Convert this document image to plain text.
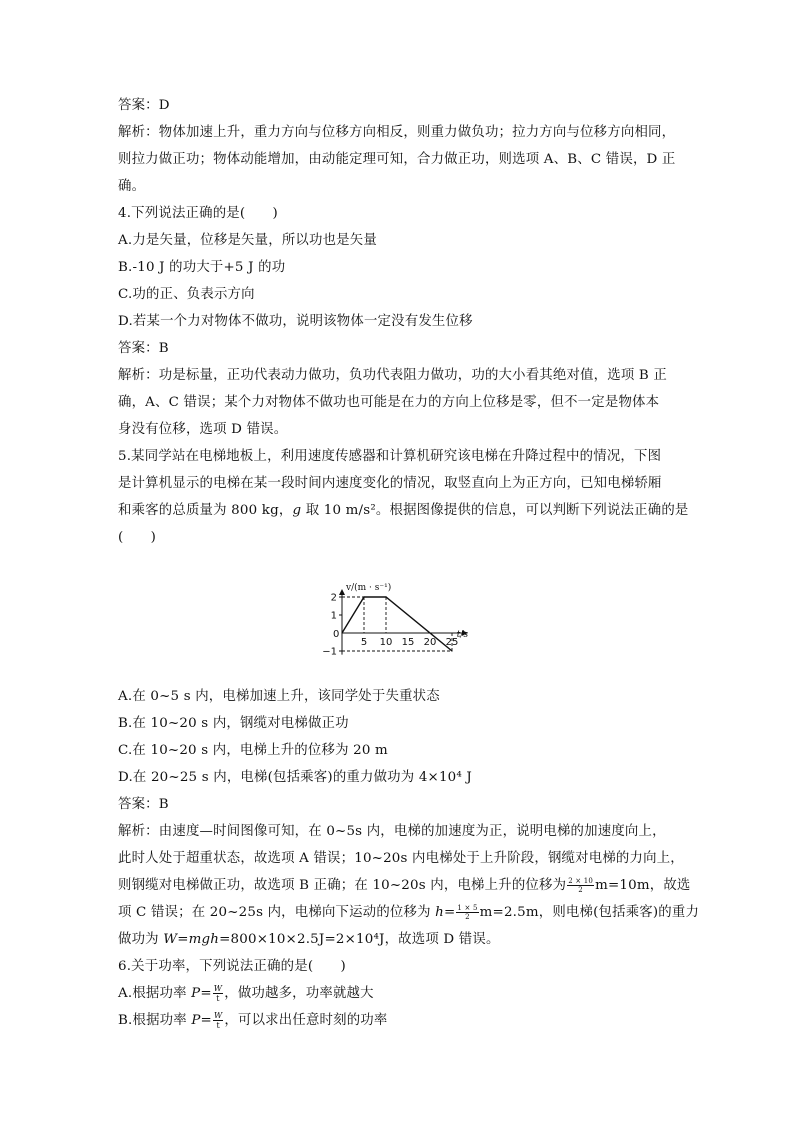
答案：D
解析：物体加速上升，重力方向与位移方向相反，则重力做负功；拉力方向与位移方向相同，
则拉力做正功；物体动能增加，由动能定理可知，合力做正功，则选项 A、B、C 错误，D 正
确。
4.下列说法正确的是(　　)
A.力是矢量，位移是矢量，所以功也是矢量
B.-10 J 的功大于+5 J 的功
C.功的正、负表示方向
D.若某一个力对物体不做功，说明该物体一定没有发生位移
答案：B
解析：功是标量，正功代表动力做功，负功代表阻力做功，功的大小看其绝对值，选项 B 正
确，A、C 错误；某个力对物体不做功也可能是在力的方向上位移是零，但不一定是物体本
身没有位移，选项 D 错误。
5.某同学站在电梯地板上，利用速度传感器和计算机研究该电梯在升降过程中的情况，下图
是计算机显示的电梯在某一段时间内速度变化的情况，取竖直向上为正方向，已知电梯轿厢
和乘客的总质量为 800 kg，g 取 10 m/s²。根据图像提供的信息，可以判断下列说法正确的是
(　　)
v/(m · s⁻¹)
t/s
0
5 10 15 20 25
2
1
−1
A.在 0~5 s 内，电梯加速上升，该同学处于失重状态
B.在 10~20 s 内，钢缆对电梯做正功
C.在 10~20 s 内，电梯上升的位移为 20 m
D.在 20~25 s 内，电梯(包括乘客)的重力做功为 4×10⁴ J
答案：B
解析：由速度—时间图像可知，在 0~5s 内，电梯的加速度为正，说明电梯的加速度向上，
此时人处于超重状态，故选项 A 错误；10~20s 内电梯处于上升阶段，钢缆对电梯的力向上，
则钢缆对电梯做正功，故选项 B 正确；在 10~20s 内，电梯上升的位移为 $\frac{2 \times 10}{2} m=10m$，故选
项 C 错误；在 20~25s 内，电梯向下运动的位移为 $h= \frac{1 \times 5}{2} m=2.5m$，则电梯(包括乘客)的重力
做功为 W=mgh=800×10×2.5J=2×10⁴J，故选项 D 错误。
6.关于功率，下列说法正确的是(　　)
A.根据功率 $P= \frac{W}{t}$ ，做功越多，功率就越大
B.根据功率 $P= \frac{W}{t}$ ，可以求出任意时刻的功率
